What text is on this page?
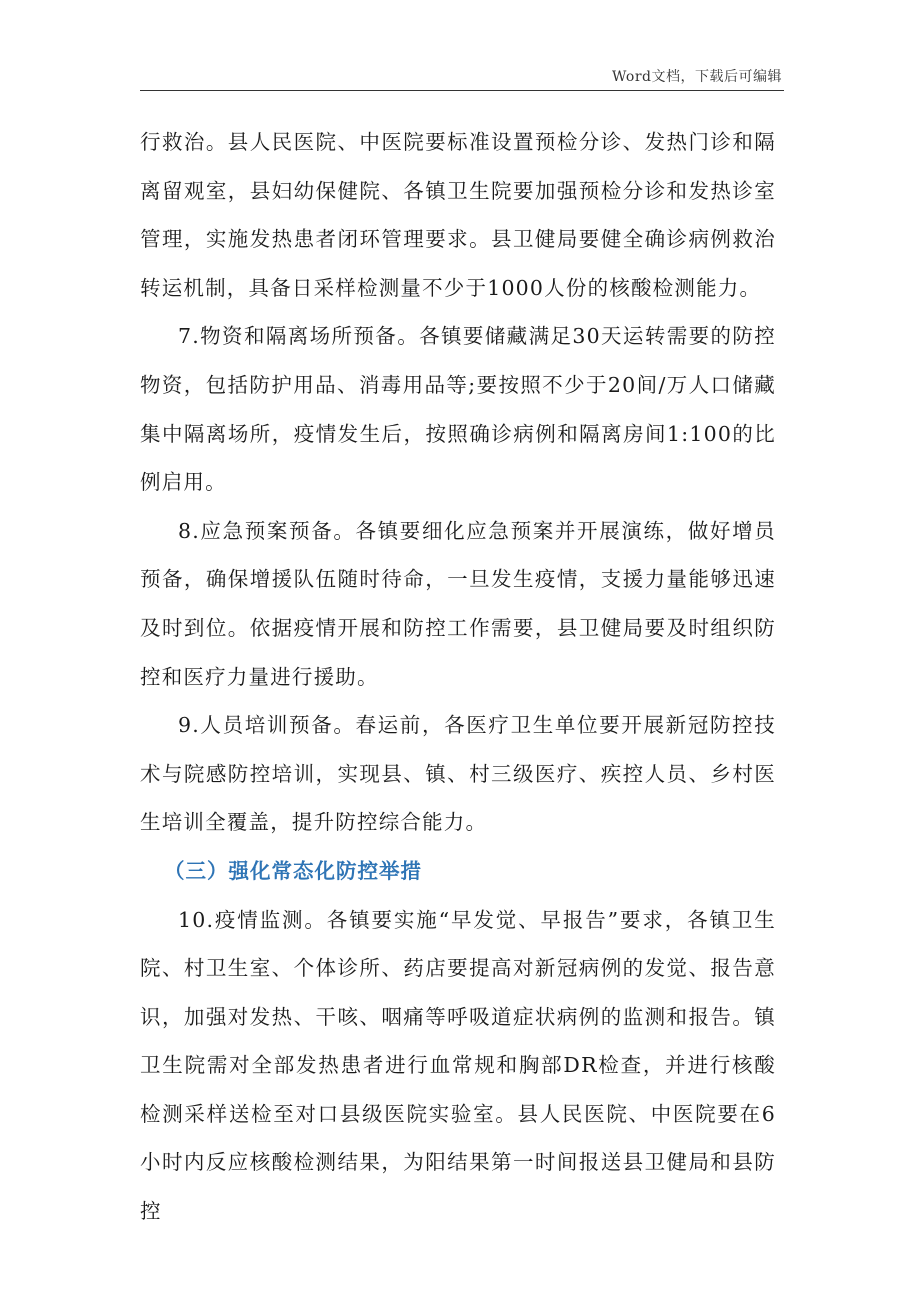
Word文档，下载后可编辑

行救治。县人民医院、中医院要标准设置预检分诊、发热门诊和隔离留观室，县妇幼保健院、各镇卫生院要加强预检分诊和发热诊室管理，实施发热患者闭环管理要求。县卫健局要健全确诊病例救治转运机制，具备日采样检测量不少于1000人份的核酸检测能力。

7.物资和隔离场所预备。各镇要储藏满足30天运转需要的防控物资，包括防护用品、消毒用品等;要按照不少于20间/万人口储藏集中隔离场所，疫情发生后，按照确诊病例和隔离房间1:100的比例启用。

8.应急预案预备。各镇要细化应急预案并开展演练，做好增员预备，确保增援队伍随时待命，一旦发生疫情，支援力量能够迅速及时到位。依据疫情开展和防控工作需要，县卫健局要及时组织防控和医疗力量进行援助。

9.人员培训预备。春运前，各医疗卫生单位要开展新冠防控技术与院感防控培训，实现县、镇、村三级医疗、疾控人员、乡村医生培训全覆盖，提升防控综合能力。

（三）强化常态化防控举措

10.疫情监测。各镇要实施“早发觉、早报告”要求，各镇卫生院、村卫生室、个体诊所、药店要提高对新冠病例的发觉、报告意识，加强对发热、干咳、咽痛等呼吸道症状病例的监测和报告。镇卫生院需对全部发热患者进行血常规和胸部DR检查，并进行核酸检测采样送检至对口县级医院实验室。县人民医院、中医院要在6小时内反应核酸检测结果，为阳结果第一时间报送县卫健局和县防控
